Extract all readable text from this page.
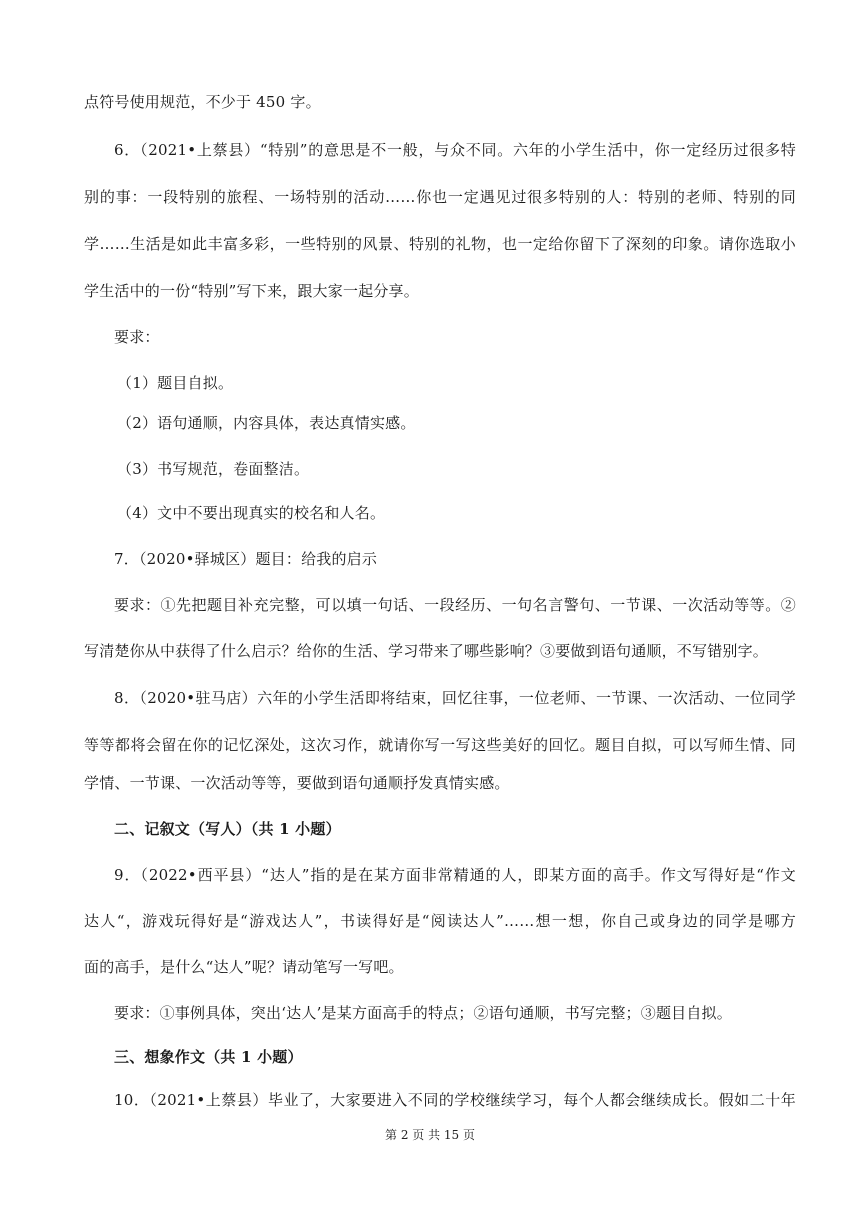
点符号使用规范，不少于 450 字。
6．（2021•上蔡县）“特别”的意思是不一般，与众不同。六年的小学生活中，你一定经历过很多特
别的事：一段特别的旅程、一场特别的活动……你也一定遇见过很多特别的人：特别的老师、特别的同
学……生活是如此丰富多彩，一些特别的风景、特别的礼物，也一定给你留下了深刻的印象。请你选取小
学生活中的一份“特别”写下来，跟大家一起分享。
要求：
（1）题目自拟。
（2）语句通顺，内容具体，表达真情实感。
（3）书写规范，卷面整洁。
（4）文中不要出现真实的校名和人名。
7．（2020•驿城区）题目：给我的启示
要求：①先把题目补充完整，可以填一句话、一段经历、一句名言警句、一节课、一次活动等等。②
写清楚你从中获得了什么启示？给你的生活、学习带来了哪些影响？③要做到语句通顺，不写错别字。
8．（2020•驻马店）六年的小学生活即将结束，回忆往事，一位老师、一节课、一次活动、一位同学
等等都将会留在你的记忆深处，这次习作，就请你写一写这些美好的回忆。题目自拟，可以写师生情、同
学情、一节课、一次活动等等，要做到语句通顺抒发真情实感。
二、记叙文（写人）（共 1 小题）
9．（2022•西平县）“达人”指的是在某方面非常精通的人，即某方面的高手。作文写得好是“作文
达人“，游戏玩得好是“游戏达人”，书读得好是“阅读达人”……想一想，你自己或身边的同学是哪方
面的高手，是什么“达人”呢？请动笔写一写吧。
要求：①事例具体，突出‘达人’是某方面高手的特点；②语句通顺，书写完整；③题目自拟。
三、想象作文（共 1 小题）
10．（2021•上蔡县）毕业了，大家要进入不同的学校继续学习，每个人都会继续成长。假如二十年
第 2 页 共 15 页
